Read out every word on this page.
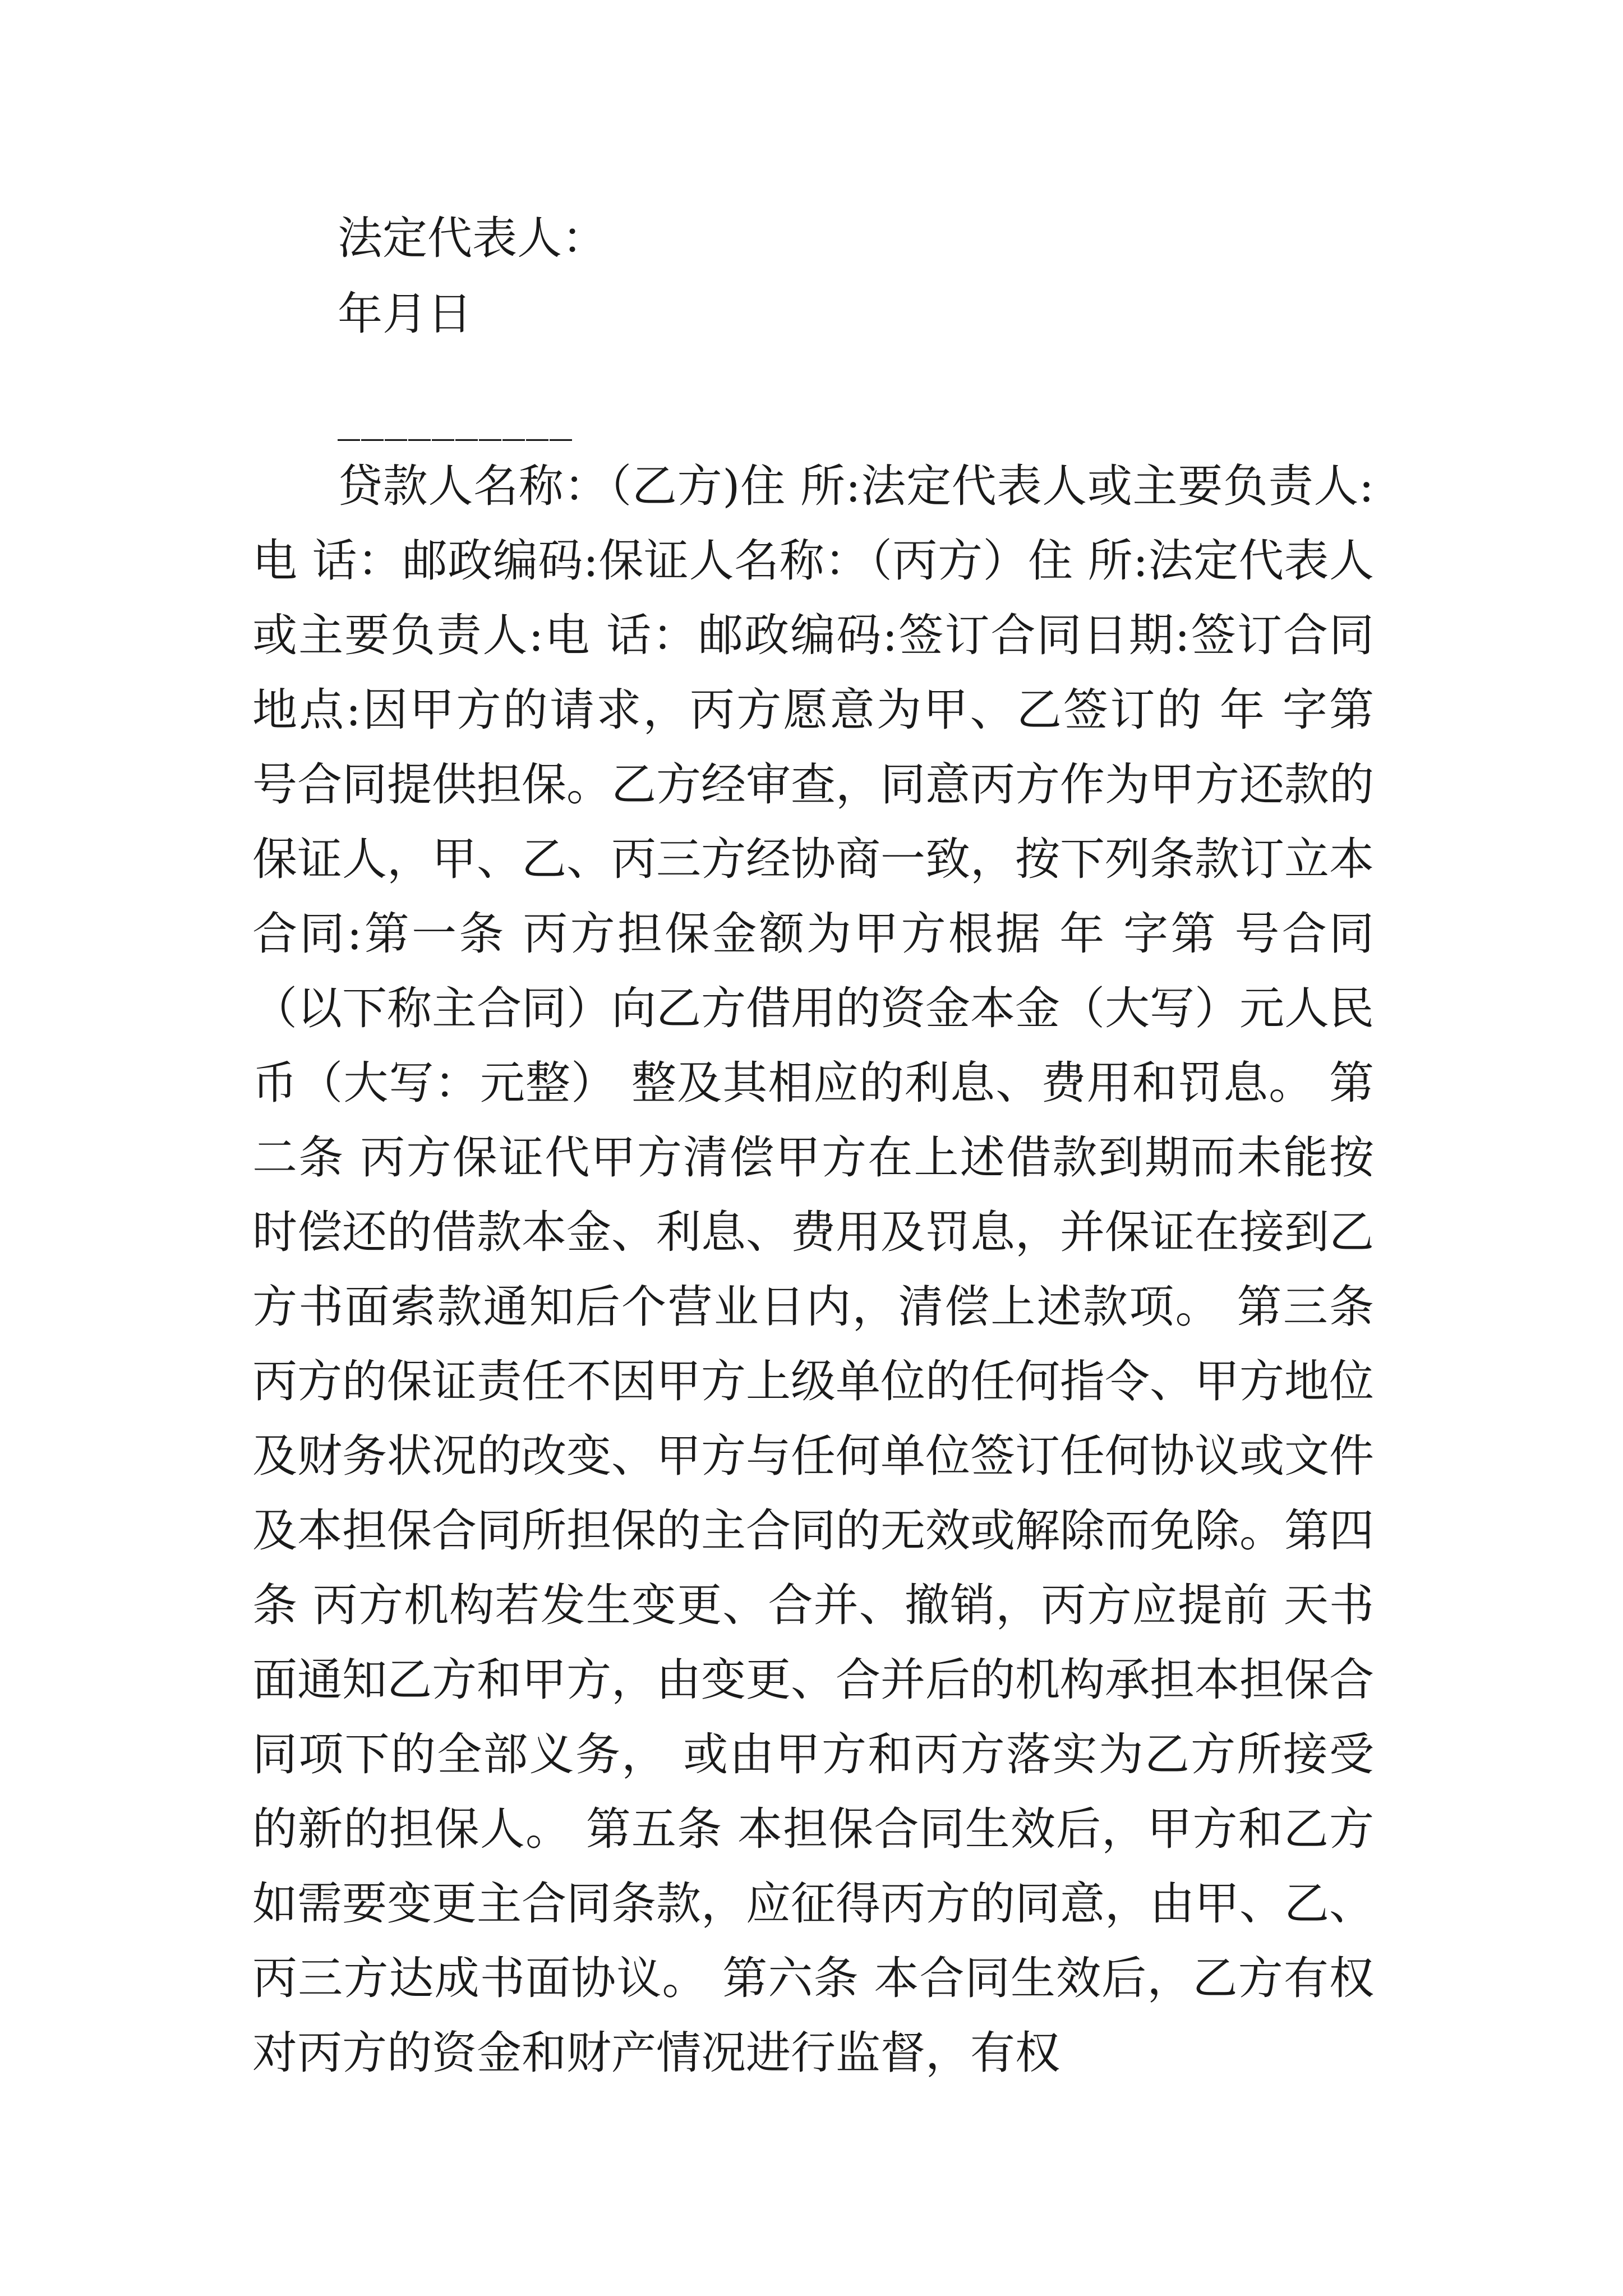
法定代表人：
年月日
__________
贷款人名称：（乙方)住 所:法定代表人或主要负责人:电 话：邮政编码:保证人名称：（丙方）住 所:法定代表人或主要负责人:电 话：邮政编码:签订合同日期:签订合同地点:因甲方的请求，丙方愿意为甲、乙签订的 年 字第 号合同提供担保。乙方经审查，同意丙方作为甲方还款的保证人，甲、乙、丙三方经协商一致，按下列条款订立本合同:第一条 丙方担保金额为甲方根据 年 字第 号合同 （以下称主合同）向乙方借用的资金本金（大写）元人民币（大写：元整） 整及其相应的利息、费用和罚息。 第二条 丙方保证代甲方清偿甲方在上述借款到期而未能按时偿还的借款本金、利息、费用及罚息，并保证在接到乙方书面索款通知后个营业日内，清偿上述款项。 第三条 丙方的保证责任不因甲方上级单位的任何指令、甲方地位及财务状况的改变、甲方与任何单位签订任何协议或文件及本担保合同所担保的主合同的无效或解除而免除。第四条 丙方机构若发生变更、合并、撤销，丙方应提前 天书面通知乙方和甲方，由变更、合并后的机构承担本担保合同项下的全部义务， 或由甲方和丙方落实为乙方所接受的新的担保人。 第五条 本担保合同生效后，甲方和乙方如需要变更主合同条款，应征得丙方的同意，由甲、乙、丙三方达成书面协议。 第六条 本合同生效后，乙方有权对丙方的资金和财产情况进行监督，有权
